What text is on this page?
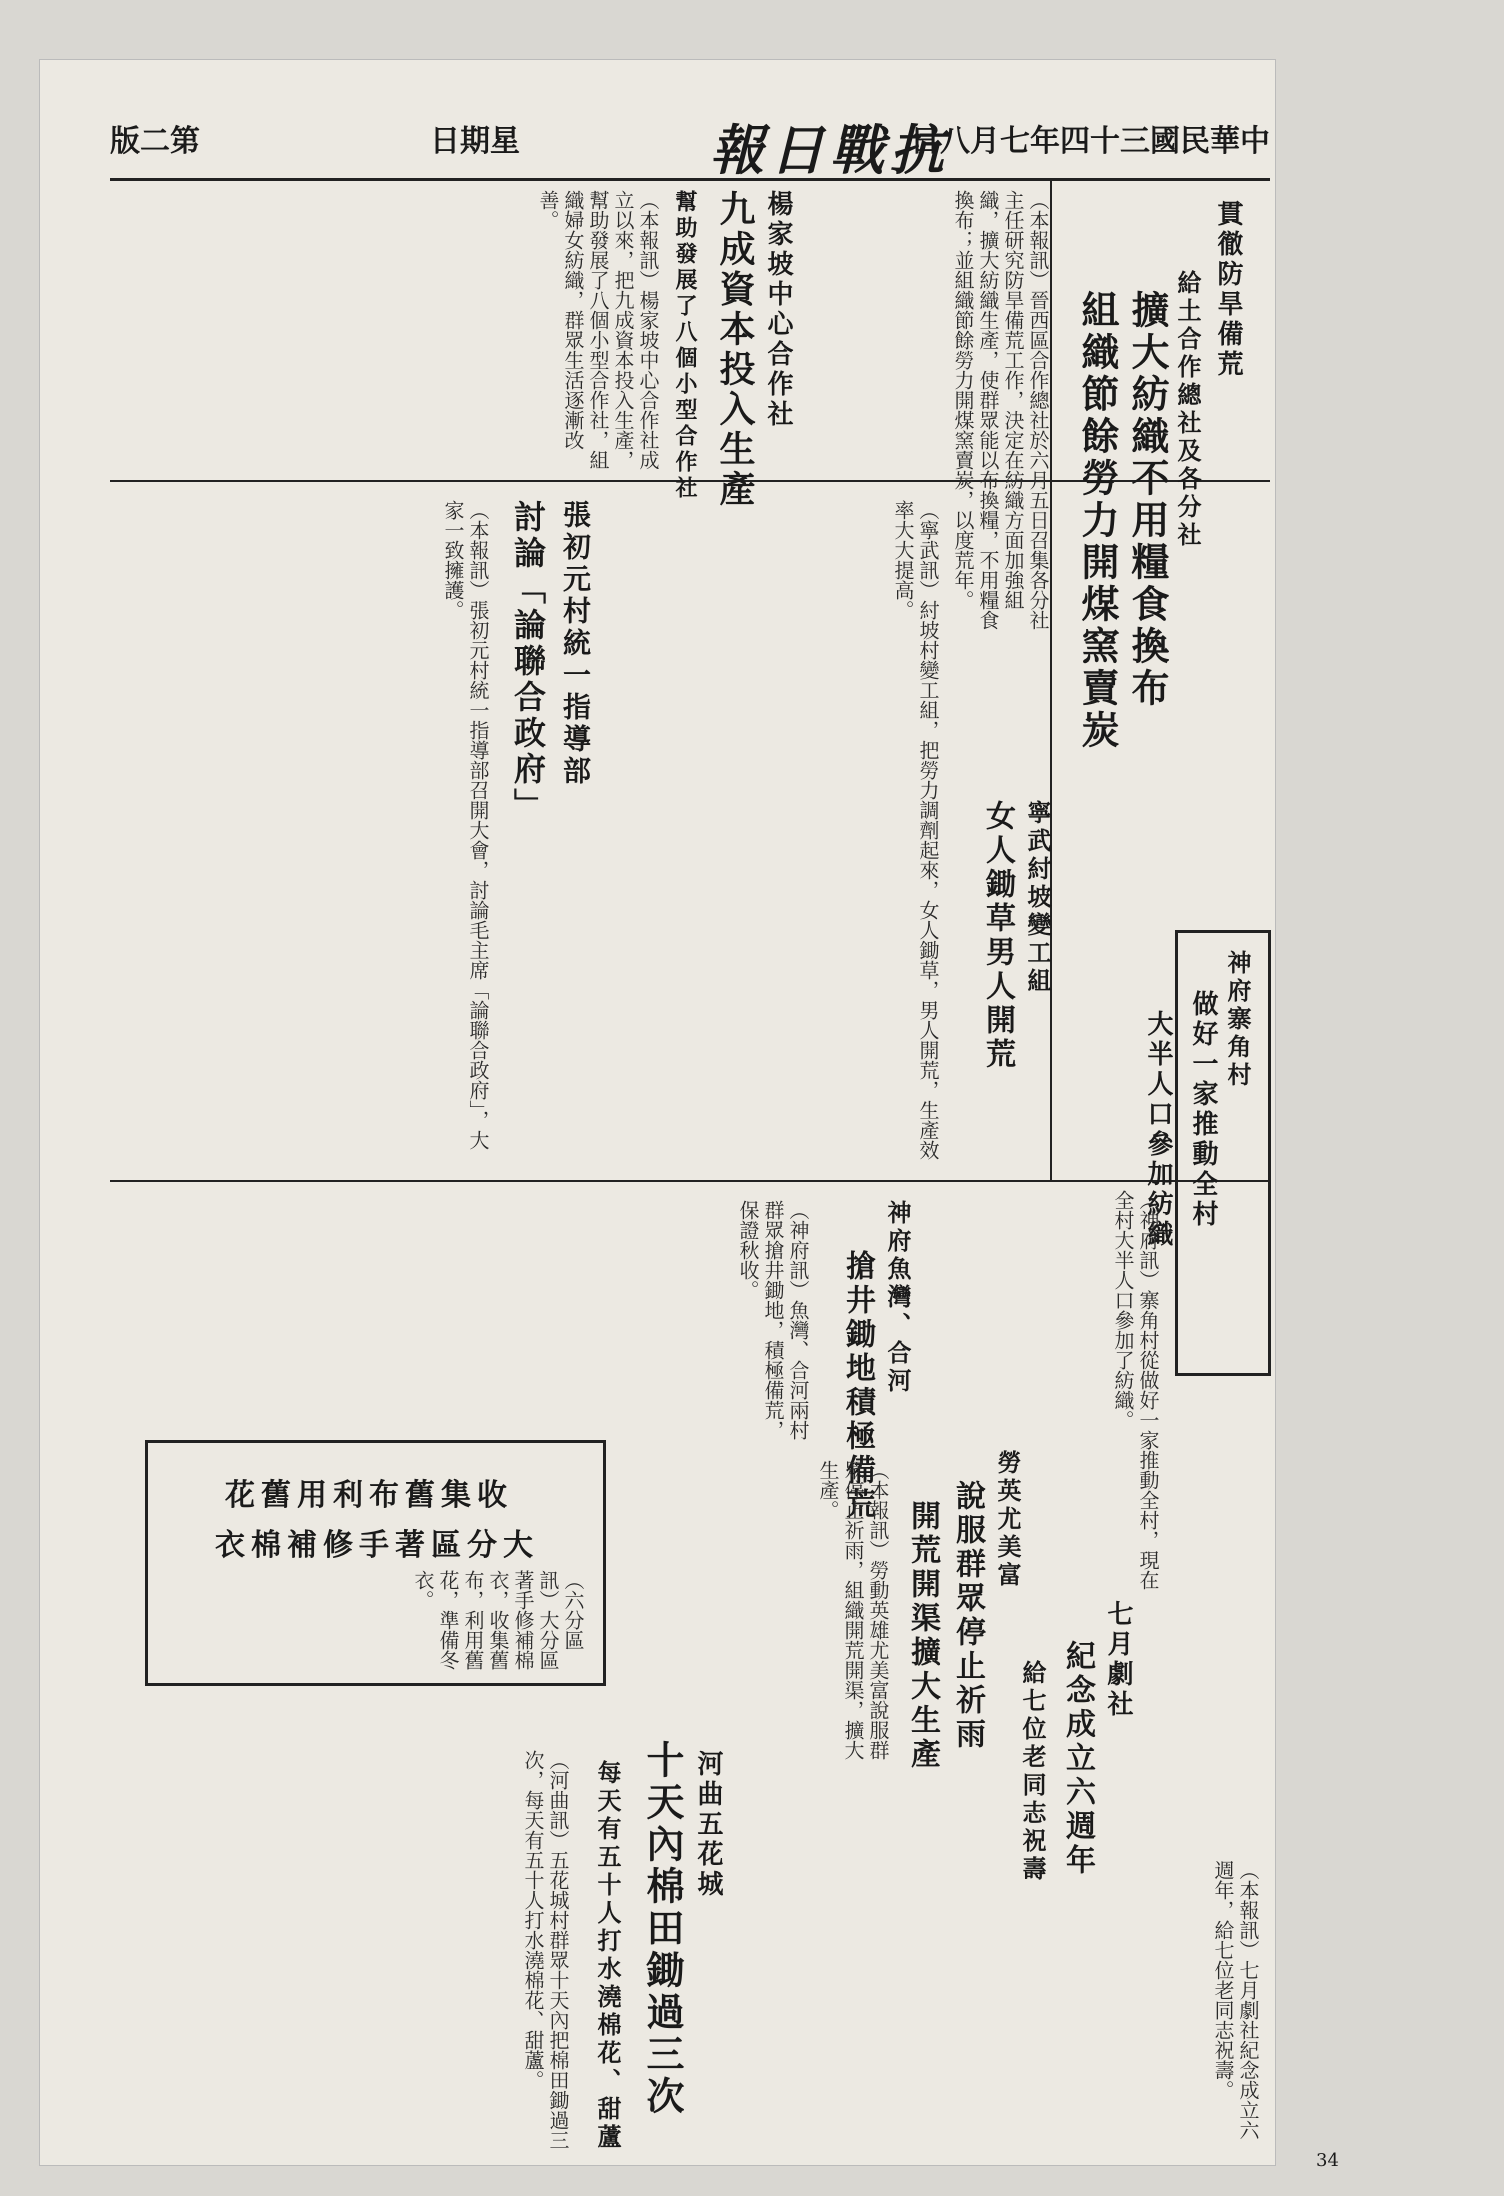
第二版	星期日	抗戰日報
中華民國三十四年七月八日
貫徹防旱備荒
給土合作總社及各分社
擴大紡織不用糧食換布
組織節餘勞力開煤窯賣炭
（本報訊）晉西區合作總社於六月五日召集各分社主任研究防旱備荒工作，決定在紡織方面加強組織，擴大紡織生產，使群眾能以布換糧，不用糧食換布；並組織節餘勞力開煤窯賣炭，以度荒年。
楊家坡中心合作社
九成資本投入生產
幫助發展了八個小型合作社
（本報訊）楊家坡中心合作社成立以來，把九成資本投入生產，幫助發展了八個小型合作社，組織婦女紡織，群眾生活逐漸改善。
張初元村統一指導部
討論「論聯合政府」
（本報訊）張初元村統一指導部召開大會，討論毛主席「論聯合政府」，大家一致擁護。
寧武紂坡變工組
女人鋤草男人開荒
（寧武訊）紂坡村變工組，把勞力調劑起來，女人鋤草，男人開荒，生產效率大大提高。
神府寨角村
做好一家推動全村
大半人口參加紡織
（神府訊）寨角村從做好一家推動全村，現在全村大半人口參加了紡織。
神府魚灣、合河
搶井鋤地積極備荒
（神府訊）魚灣、合河兩村群眾搶井鋤地，積極備荒，保證秋收。
勞英尤美富
說服群眾停止祈雨
開荒開渠擴大生產
（本報訊）勞動英雄尤美富說服群眾停止祈雨，組織開荒開渠，擴大生產。
七月劇社
紀念成立六週年
給七位老同志祝壽
（本報訊）七月劇社紀念成立六週年，給七位老同志祝壽。
河曲五花城
十天內棉田鋤過三次
每天有五十人打水澆棉花、甜蘆
（河曲訊）五花城村群眾十天內把棉田鋤過三次，每天有五十人打水澆棉花、甜蘆。
收集舊布利用舊花
大分區著手修補棉衣
（六分區訊）大分區著手修補棉衣，收集舊布，利用舊花，準備冬衣。
34
